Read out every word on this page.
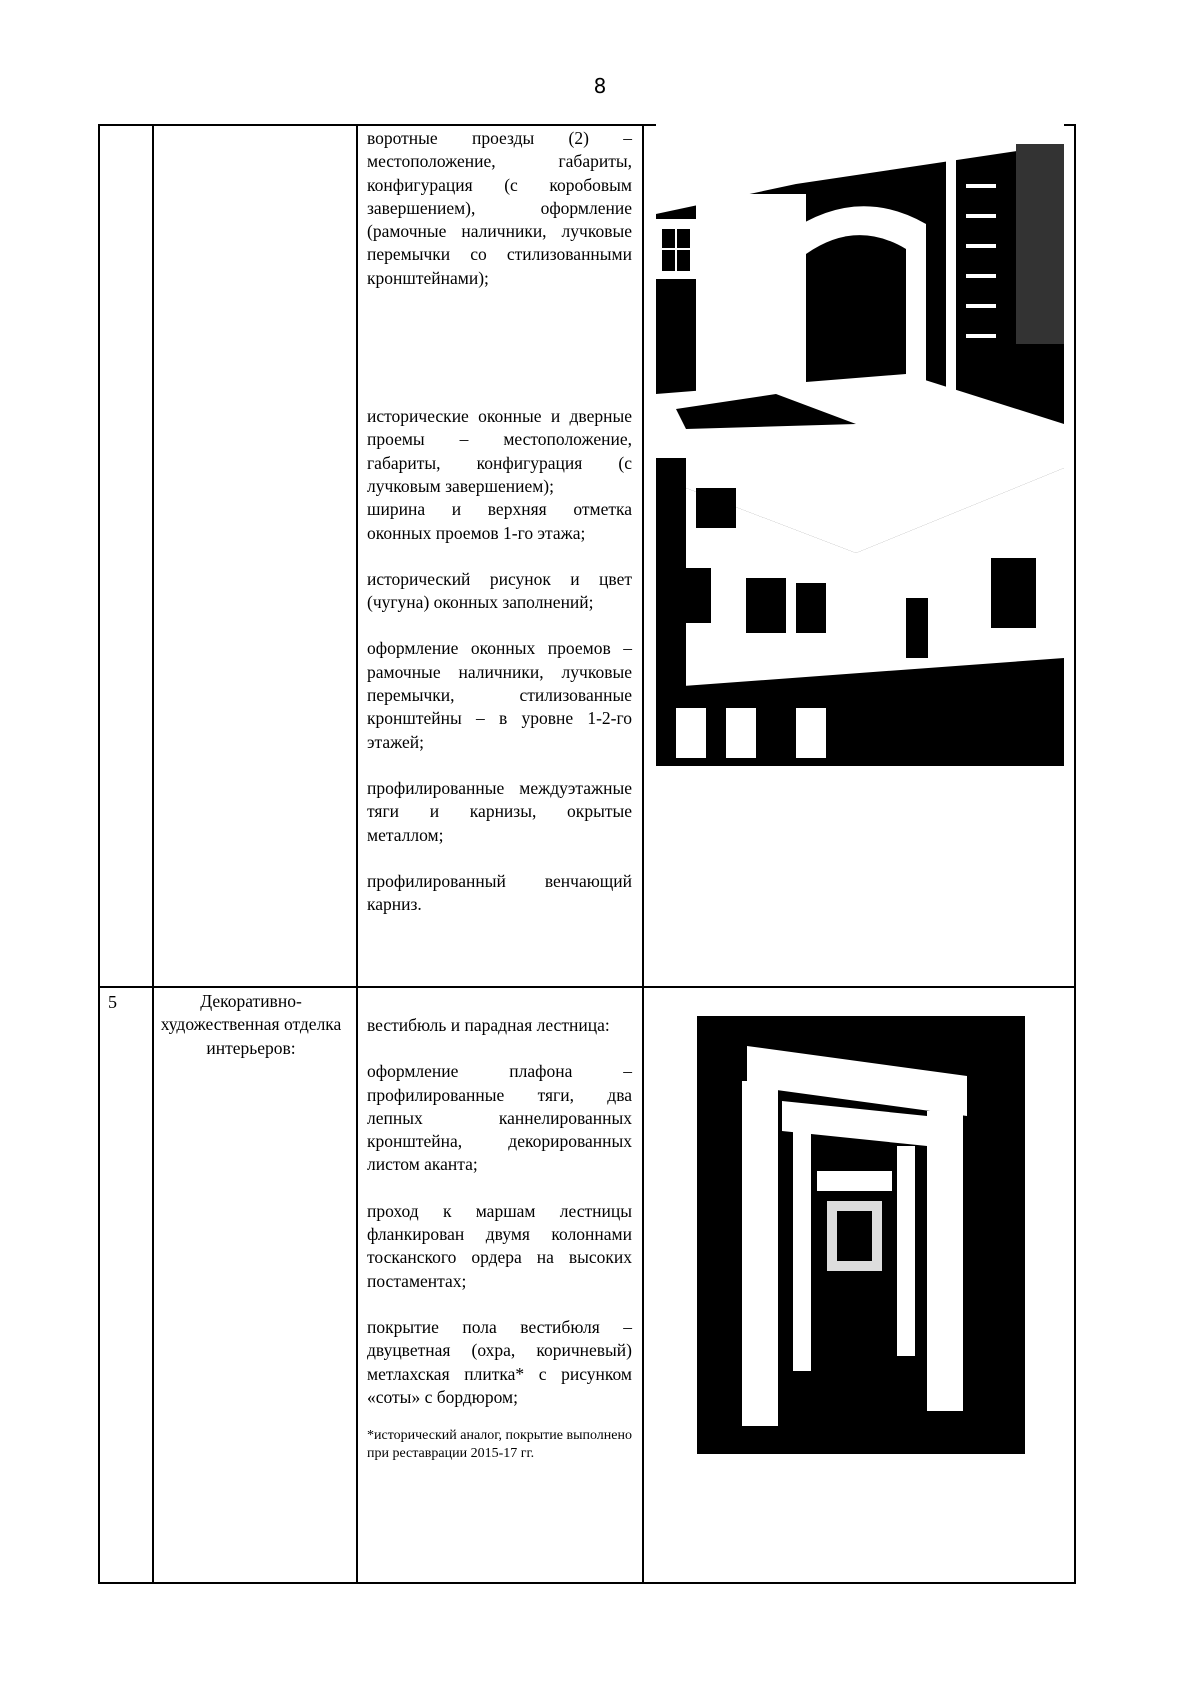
8

воротные проезды (2) – местоположение, габариты, конфигурация (с коробовым завершением), оформление (рамочные наличники, лучковые перемычки со стилизованными кронштейнами);

исторические оконные и дверные проемы – местоположение, габариты, конфигурация (с лучковым завершением);

ширина и верхняя отметка оконных проемов 1-го этажа;

исторический рисунок и цвет (чугуна) оконных заполнений;

оформление оконных проемов – рамочные наличники, лучковые перемычки, стилизованные кронштейны – в уровне 1-2-го этажей;

профилированные междуэтажные тяги и карнизы, окрытые металлом;

профилированный венчающий карниз.

5	Декоративно-художественная отделка интерьеров:

вестибюль и парадная лестница:

оформление плафона – профилированные тяги, два лепных каннелированных кронштейна, декорированных листом аканта;

проход к маршам лестницы фланкирован двумя колоннами тосканского ордера на высоких постаментах;

покрытие пола вестибюля – двуцветная (охра, коричневый) метлахская плитка* с рисунком «соты» с бордюром;

*исторический аналог, покрытие выполнено при реставрации 2015-17 гг.
